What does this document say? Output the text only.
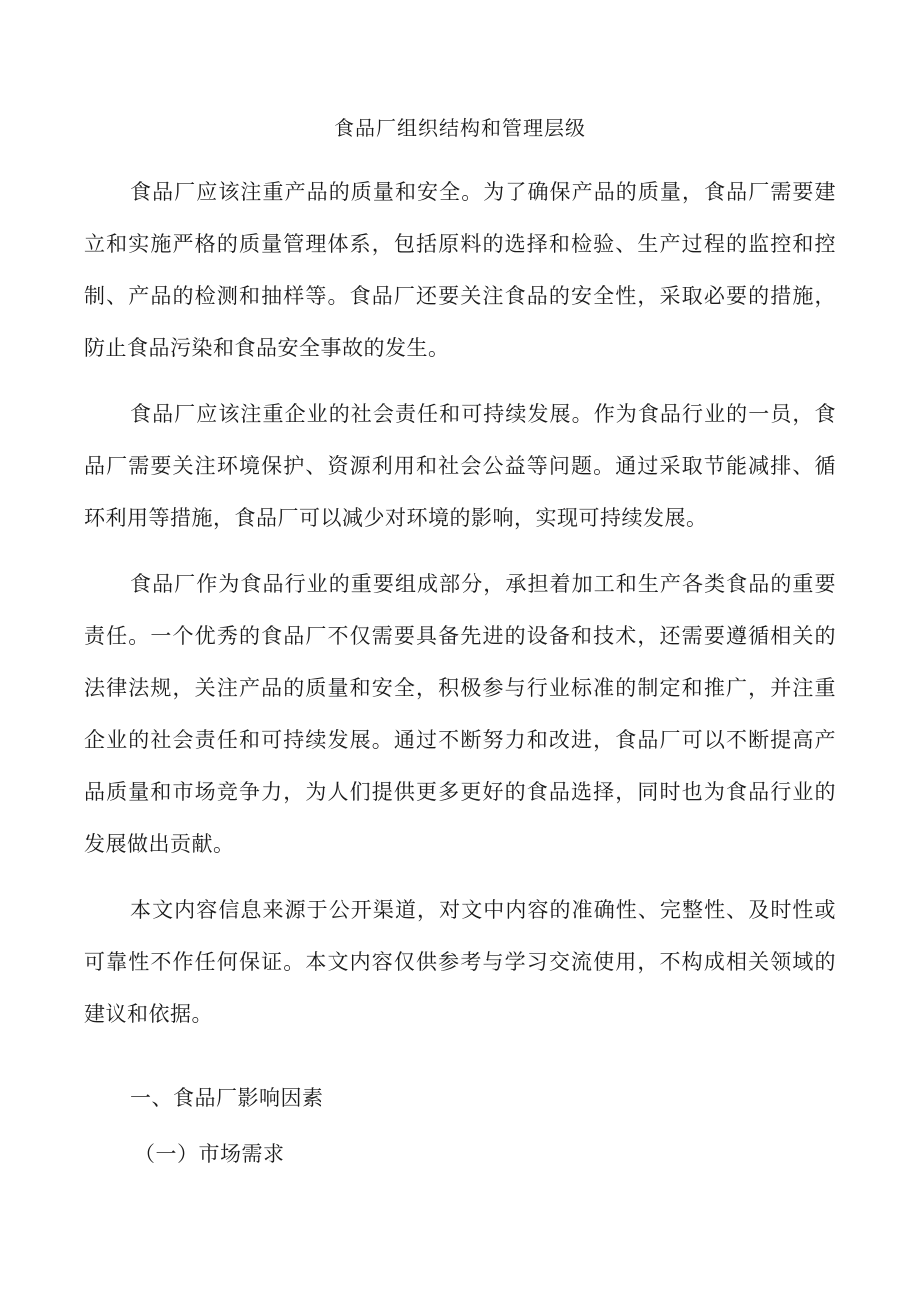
食品厂组织结构和管理层级

食品厂应该注重产品的质量和安全。为了确保产品的质量，食品厂需要建立和实施严格的质量管理体系，包括原料的选择和检验、生产过程的监控和控制、产品的检测和抽样等。食品厂还要关注食品的安全性，采取必要的措施，防止食品污染和食品安全事故的发生。

食品厂应该注重企业的社会责任和可持续发展。作为食品行业的一员，食品厂需要关注环境保护、资源利用和社会公益等问题。通过采取节能减排、循环利用等措施，食品厂可以减少对环境的影响，实现可持续发展。

食品厂作为食品行业的重要组成部分，承担着加工和生产各类食品的重要责任。一个优秀的食品厂不仅需要具备先进的设备和技术，还需要遵循相关的法律法规，关注产品的质量和安全，积极参与行业标准的制定和推广，并注重企业的社会责任和可持续发展。通过不断努力和改进，食品厂可以不断提高产品质量和市场竞争力，为人们提供更多更好的食品选择，同时也为食品行业的发展做出贡献。

本文内容信息来源于公开渠道，对文中内容的准确性、完整性、及时性或可靠性不作任何保证。本文内容仅供参考与学习交流使用，不构成相关领域的建议和依据。

一、食品厂影响因素
（一）市场需求
